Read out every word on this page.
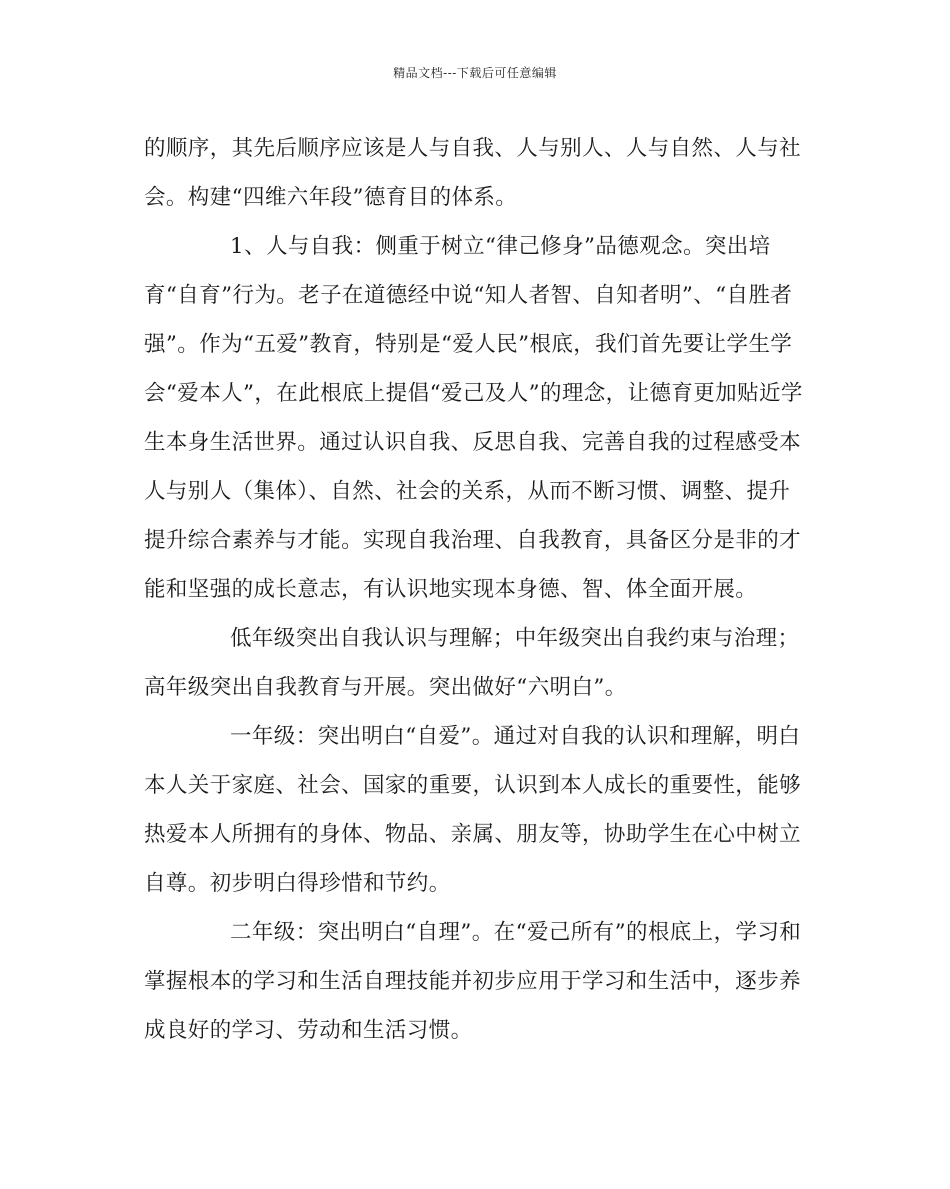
精品文档---下载后可任意编辑
的顺序，其先后顺序应该是人与自我、人与别人、人与自然、人与社
会。构建“四维六年段”德育目的体系。
1、人与自我：侧重于树立“律己修身”品德观念。突出培
育“自育”行为。老子在道德经中说“知人者智、自知者明”、“自胜者
强”。作为“五爱”教育，特别是“爱人民”根底，我们首先要让学生学
会“爱本人”，在此根底上提倡“爱己及人”的理念，让德育更加贴近学
生本身生活世界。通过认识自我、反思自我、完善自我的过程感受本
人与别人（集体）、自然、社会的关系，从而不断习惯、调整、提升
提升综合素养与才能。实现自我治理、自我教育，具备区分是非的才
能和坚强的成长意志，有认识地实现本身德、智、体全面开展。
低年级突出自我认识与理解；中年级突出自我约束与治理；
高年级突出自我教育与开展。突出做好“六明白”。
一年级：突出明白“自爱”。通过对自我的认识和理解，明白
本人关于家庭、社会、国家的重要，认识到本人成长的重要性，能够
热爱本人所拥有的身体、物品、亲属、朋友等，协助学生在心中树立
自尊。初步明白得珍惜和节约。
二年级：突出明白“自理”。在“爱己所有”的根底上，学习和
掌握根本的学习和生活自理技能并初步应用于学习和生活中，逐步养
成良好的学习、劳动和生活习惯。
